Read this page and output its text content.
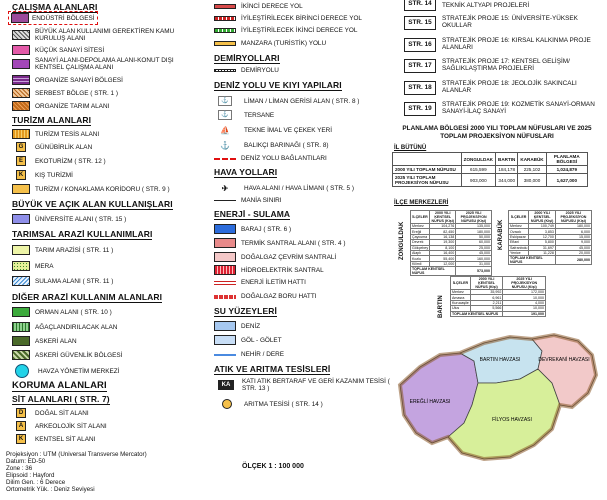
ÇALIŞMA ALANLARI
ENDÜSTRİ BÖLGESİ
BÜYÜK ALAN KULLANIMI GEREKTİREN KAMU KURULUŞ ALANI
KÜÇÜK SANAYİ SİTESİ
SANAYİ ALANI-DEPOLAMA ALANI-KONUT DIŞI KENTSEL ÇALIŞMA ALANI
ORGANİZE SANAYİ BÖLGESİ
SERBEST BÖLGE ( STR. 1 )
ORGANİZE TARIM ALANI
TURİZM ALANLARI
TURİZM TESİS ALANI
G	GÜNÜBİRLİK ALAN
E	EKOTURİZM ( STR. 12 )
K	KIŞ TURİZMİ
TURİZM / KONAKLAMA KORİDORU ( STR. 9 )
BÜYÜK VE AÇIK ALAN KULLANIŞLARI
ÜNİVERSİTE ALANI ( STR. 15 )
TARIMSAL ARAZİ KULLANIMLARI
TARIM ARAZİSİ ( STR. 11 )
MERA
SULAMA ALANI ( STR. 11 )
DİĞER ARAZİ KULLANIM ALANLARI
ORMAN ALANI ( STR. 10 )
AĞAÇLANDIRILACAK ALAN
ASKERİ ALAN
ASKERİ GÜVENLİK BÖLGESİ
HAVZA YÖNETİM MERKEZİ
KORUMA ALANLARI
SİT ALANLARI ( STR. 7)
D	DOĞAL SİT ALANI
A	ARKEOLOJİK SİT ALANI
K	KENTSEL SİT ALANI
İKİNCİ DERECE YOL
İYİLEŞTİRİLECEK BİRİNCİ DERECE YOL
İYİLEŞTİRİLECEK İKİNCİ DERECE YOL
MANZARA (TURİSTİK) YOLU
DEMİRYOLLARI
DEMİRYOLU
DENİZ YOLU VE KIYI YAPILARI
⚓	LİMAN / LİMAN GERİSİ ALAN ( STR. 8 )
⚓	TERSANE
⛵	TEKNE İMAL VE ÇEKEK YERİ
⚓	BALIKÇI BARINAĞI ( STR. 8)
DENİZ YOLU BAĞLANTILARI
HAVA YOLLARI
✈	HAVA ALANI / HAVA LİMANI ( STR. 5 )
MANİA SINIRI
ENERJİ - SULAMA
BARAJ ( STR. 6 )
TERMİK SANTRAL ALANI ( STR. 4 )
DOĞALGAZ ÇEVRİM SANTRALİ
HİDROELEKTRİK SANTRAL
ENERJİ İLETİM HATTI
DOĞALGAZ BORU HATTI
SU YÜZEYLERİ
DENİZ
GÖL - GÖLET
NEHİR / DERE
ATIK VE ARITMA TESİSLERİ
KA	KATI ATIK BERTARAF VE GERİ KAZANIM TESİSİ ( STR. 13 )
ARITMA TESİSİ ( STR. 14 )
STR. 14	TEKNİK ALTYAPI PROJELERİ
STR. 15
STRATEJİK PROJE 15: ÜNİVERSİTE-YÜKSEK OKULLAR
STR. 16
STRATEJİK PROJE 16: KIRSAL KALKINMA PROJE ALANLARI
STR. 17
STRATEJİK PROJE 17: KENTSEL GELİŞİM/ SAĞLIKLAŞTIRMA PROJELERİ
STR. 18
STRATEJİK PROJE 18: JEOLOJİK SAKINCALI ALANLAR
STR. 19
STRATEJİK PROJE 19: KOZMETİK SANAYİ-ORMAN SANAYİ-İLAÇ SANAYİ
PLANLAMA BÖLGESİ 2000 YILI TOPLAM NÜFUSLARI VE 2025 TOPLAM PROJEKSİYON NÜFUSLARI
İL BÜTÜNÜ
	ZONGULDAK	BARTIN	KARABÜK	PLANLAMA BÖLGESİ
2000 YILI TOPLAM NÜFUSU	615,599	184,178	225,102	1,024,879
2025 YILI TOPLAM PROJEKSİYON NÜFUSU	903,000	344,000	380,000	1,627,000
İLÇE MERKEZLERİ
ZONGULDAK
İLÇELER	2000 YILI KENTSEL NÜFUS (Kişi)	2025 YILI PROJEKSİYON NÜFUSU (Kişi)
Merkez	104,276	135,000
Ereğli	82,450	180,000
Çaycuma	16,138	50,000
Devrek	19,300	60,000
Gökçebey	8,100	25,000
Alaplı	16,400	45,000
Kozlu	55,400	160,000
Kilimli	12,000	31,000
TOPLAM KENTSEL NÜFUS		573,000
KARABÜK
İLÇELER	2000 YILI KENTSEL NÜFUS (Kişi)	2025 YILI PROJEKSİYON NÜFUSU (Kişi)
Merkez	100,749	180,000
Ovacık	3,853	6,000
Eskipazar	12,700	15,000
Eflani	5,800	9,000
Safranbolu	31,697	45,000
Yenice	11,228	20,000
TOPLAM KENTSEL NÜFUS		280,000
BARTIN
İLÇELER	2000 YILI KENTSEL NÜFUS (Kişi)	2025 YILI PROJEKSİYON NÜFUSU (Kişi)
Merkez	35,992	172,000
Amasra	6,961	10,000
Kurucaşile	2,211	4,000
Ulus	5,566	10,000
TOPLAM KENTSEL NÜFUS		191,000
BARTIN HAVZASI
EREĞLİ HAVZASI
FİLYOS HAVZASI
DEVREKANİ HAVZASI
Projeksiyon : UTM (Universal Transverse Mercator)
Datum: ED-50
Zone : 36
Elipsoid : Hayford
Dilim Gen. : 6 Derece
Ortometrik Yük. : Deniz Seviyesi
ÖLÇEK 1 : 100 000
